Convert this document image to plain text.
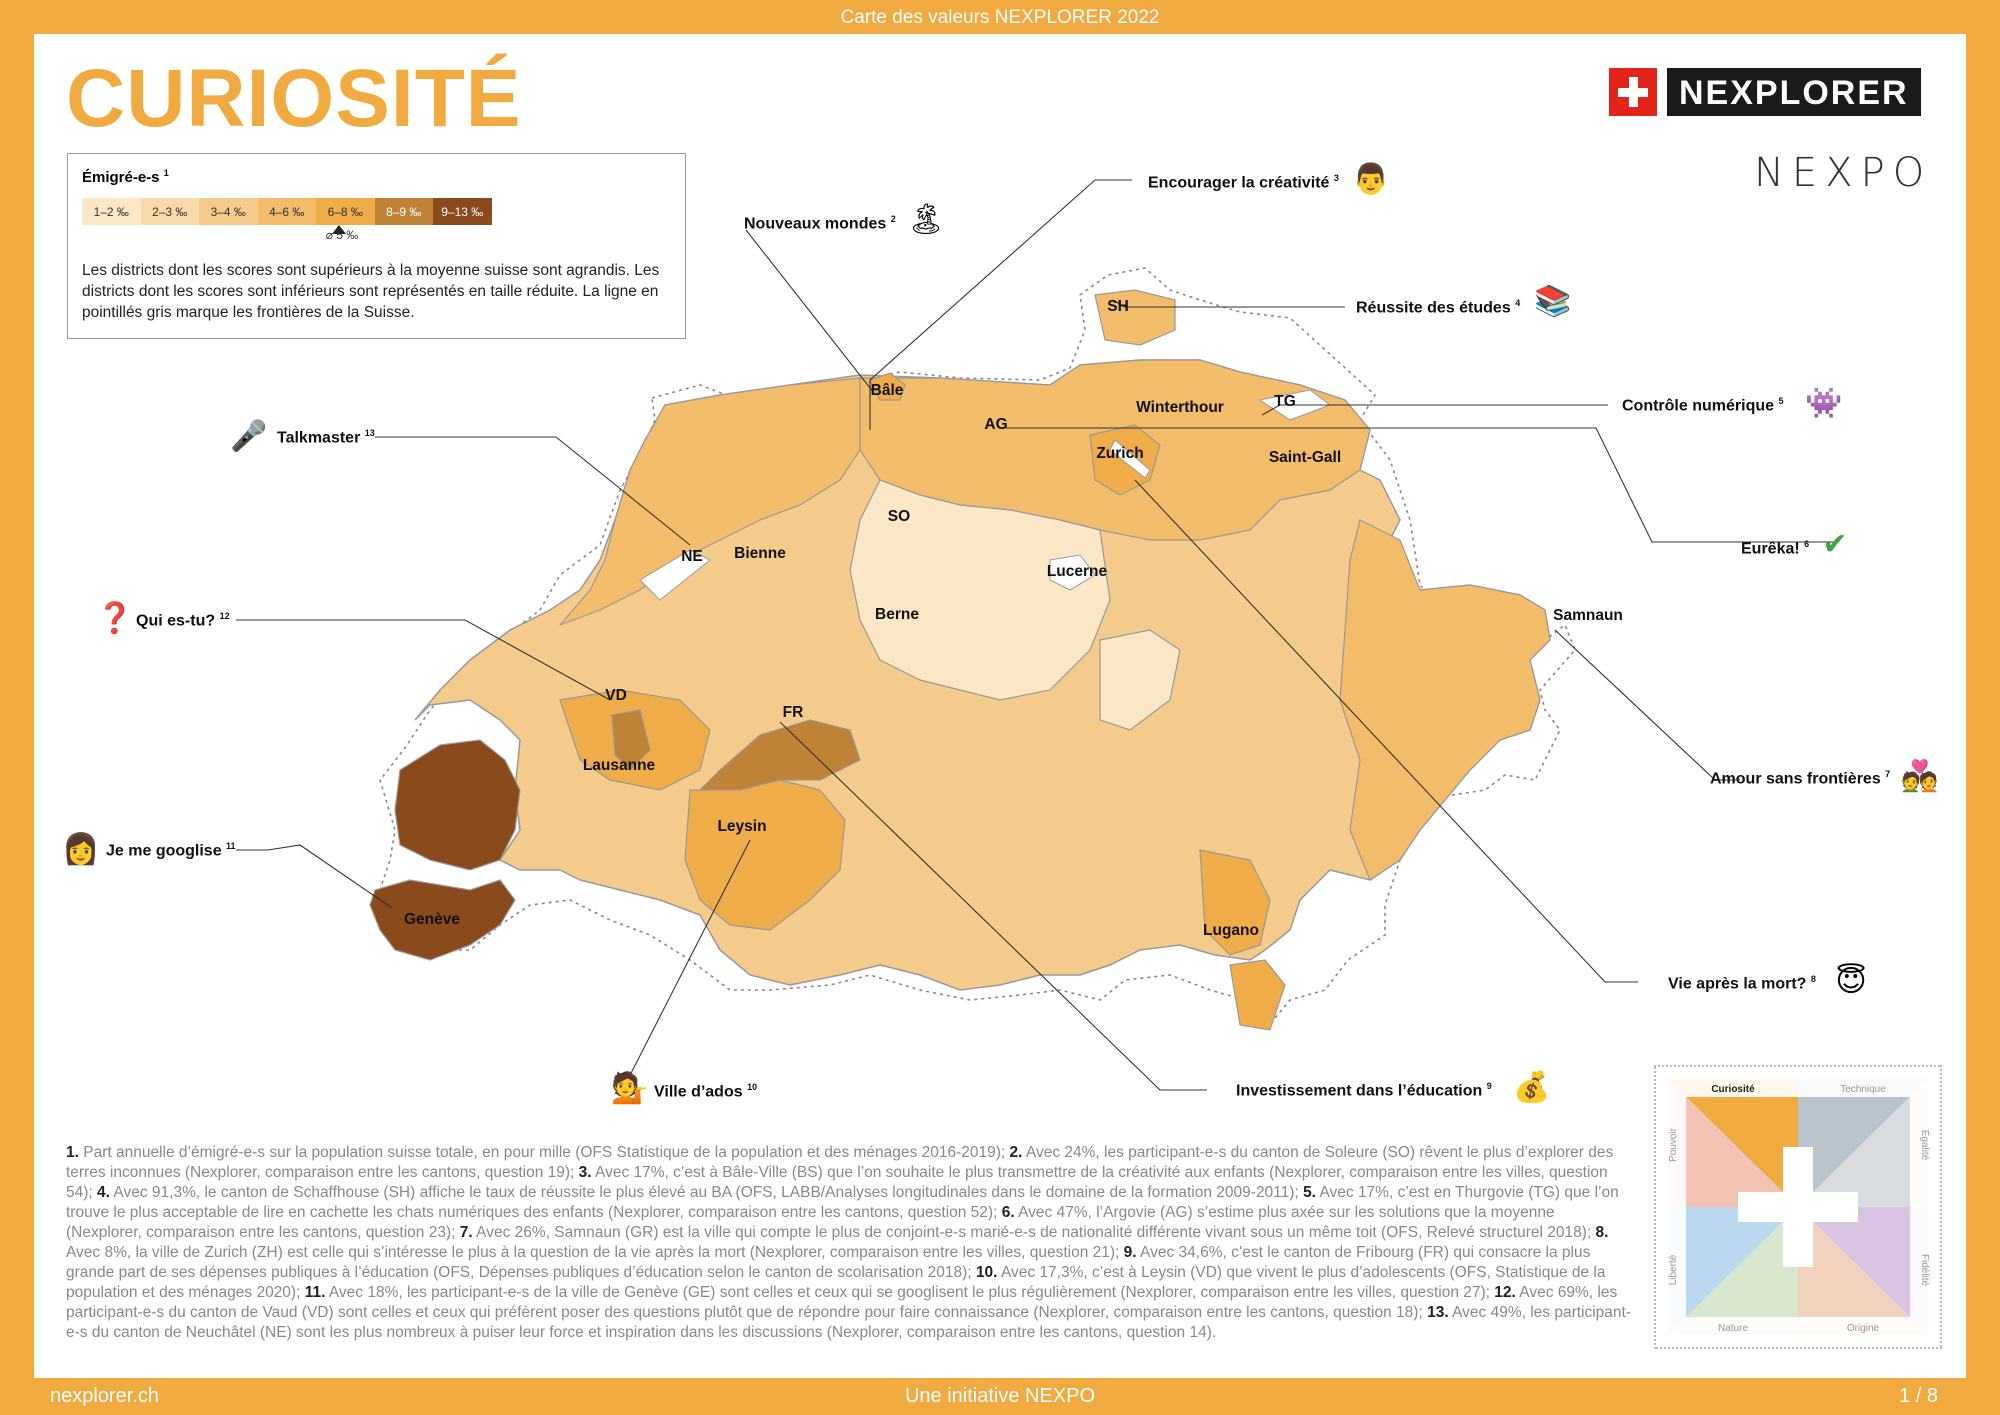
Carte des valeurs NEXPLORER 2022
nexplorer.ch	Une initiative NEXPO	1 / 8
CURIOSITÉ	NEXPLORER
NEXPO
Émigré-e-s $^1$
1–2 ‰	2–3 ‰	3–4 ‰	4–6 ‰	6–8 ‰	8–9 ‰	9–13 ‰
⌀ 5 ‰
Les districts dont les scores sont supérieurs à la moyenne suisse sont agrandis. Les districts dont les scores sont inférieurs sont représentés en taille réduite. La ligne en pointillés gris marque les frontières de la Suisse.	SH
Bâle
AG
Winterthour	TG
Zurich	Saint-Gall
SO
NE Bienne
Lucerne
Berne	Samnaun
VD
FR
Lausanne
Leysin
Genève
Lugano
Nouveaux mondes $^2$ 🏝
Encourager la créativité $^3$ 👨
Réussite des études $^4$ 📚
Contrôle numérique $^5$ 👾
Eurêka! $^6$ ✔
Amour sans frontières $^7$ 💑
Vie après la mort? $^8$ 😇
Investissement dans l’éducation $^9$ 💰
Ville d’ados $^{10}$
💁
Je me googlise $^{11}$
👩
Qui es-tu? $^{12}$
❓
Talkmaster $^{13}$
🎤
1. Part annuelle d’émigré-e-s sur la population suisse totale, en pour mille (OFS Statistique de la population et des ménages 2016-2019); 2. Avec 24%, les participant-e-s du canton de Soleure (SO) rêvent le plus d’explorer des terres inconnues (Nexplorer, comparaison entre les cantons, question 19); 3. Avec 17%, c’est à Bâle-Ville (BS) que l’on souhaite le plus transmettre de la créativité aux enfants (Nexplorer, comparaison entre les villes, question 54); 4. Avec 91,3%, le canton de Schaffhouse (SH) affiche le taux de réussite le plus élevé au BA (OFS, LABB/Analyses longitudinales dans le domaine de la formation 2009-2011); 5. Avec 17%, c’est en Thurgovie (TG) que l’on trouve le plus acceptable de lire en cachette les chats numériques des enfants (Nexplorer, comparaison entre les cantons, question 52); 6. Avec 47%, l’Argovie (AG) s’estime plus axée sur les solutions que la moyenne (Nexplorer, comparaison entre les cantons, question 23); 7. Avec 26%, Samnaun (GR) est la ville qui compte le plus de conjoint-e-s marié-e-s de nationalité différente vivant sous un même toit (OFS, Relevé structurel 2018); 8. Avec 8%, la ville de Zurich (ZH) est celle qui s’intéresse le plus à la question de la vie après la mort (Nexplorer, comparaison entre les villes, question 21); 9. Avec 34,6%, c’est le canton de Fribourg (FR) qui consacre la plus grande part de ses dépenses publiques à l’éducation (OFS, Dépenses publiques d’éducation selon le canton de scolarisation 2018); 10. Avec 17,3%, c’est à Leysin (VD) que vivent le plus d’adolescents (OFS, Statistique de la population et des ménages 2020); 11. Avec 18%, les participant-e-s de la ville de Genève (GE) sont celles et ceux qui se googlisent le plus régulièrement (Nexplorer, comparaison entre les villes, question 27); 12. Avec 69%, les participant-e-s du canton de Vaud (VD) sont celles et ceux qui préfèrent poser des questions plutôt que de répondre pour faire connaissance (Nexplorer, comparaison entre les cantons, question 18); 13. Avec 49%, les participant-e-s du canton de Neuchâtel (NE) sont les plus nombreux à puiser leur force et inspiration dans les discussions (Nexplorer, comparaison entre les cantons, question 14).
Curiosité	Technique
Égalité
Fidélité
Origine
Nature
Liberté
Pouvoir
